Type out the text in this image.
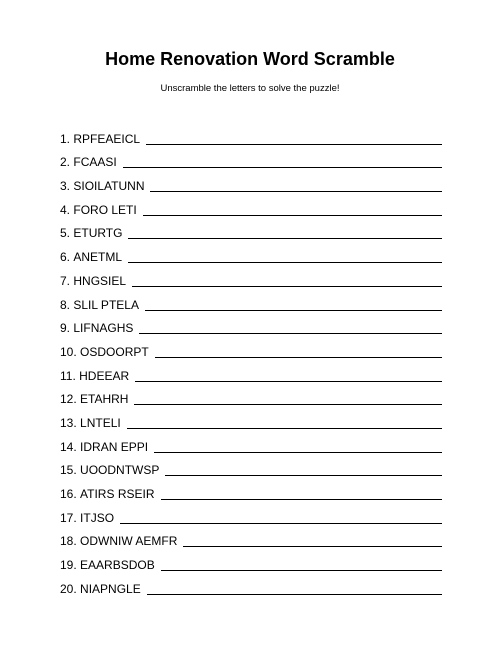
Home Renovation Word Scramble

Unscramble the letters to solve the puzzle!

1.
RPFEAEICL
2.
FCAASI
3.
SIOILATUNN
4.
FORO LETI
5.
ETURTG
6.
ANETML
7.
HNGSIEL
8.
SLIL PTELA
9.
LIFNAGHS
10.
OSDOORPT
11.
HDEEAR
12.
ETAHRH
13.
LNTELI
14.
IDRAN EPPI
15.
UOODNTWSP
16.
ATIRS RSEIR
17.
ITJSO
18.
ODWNIW AEMFR
19.
EAARBSDOB
20.
NIAPNGLE
